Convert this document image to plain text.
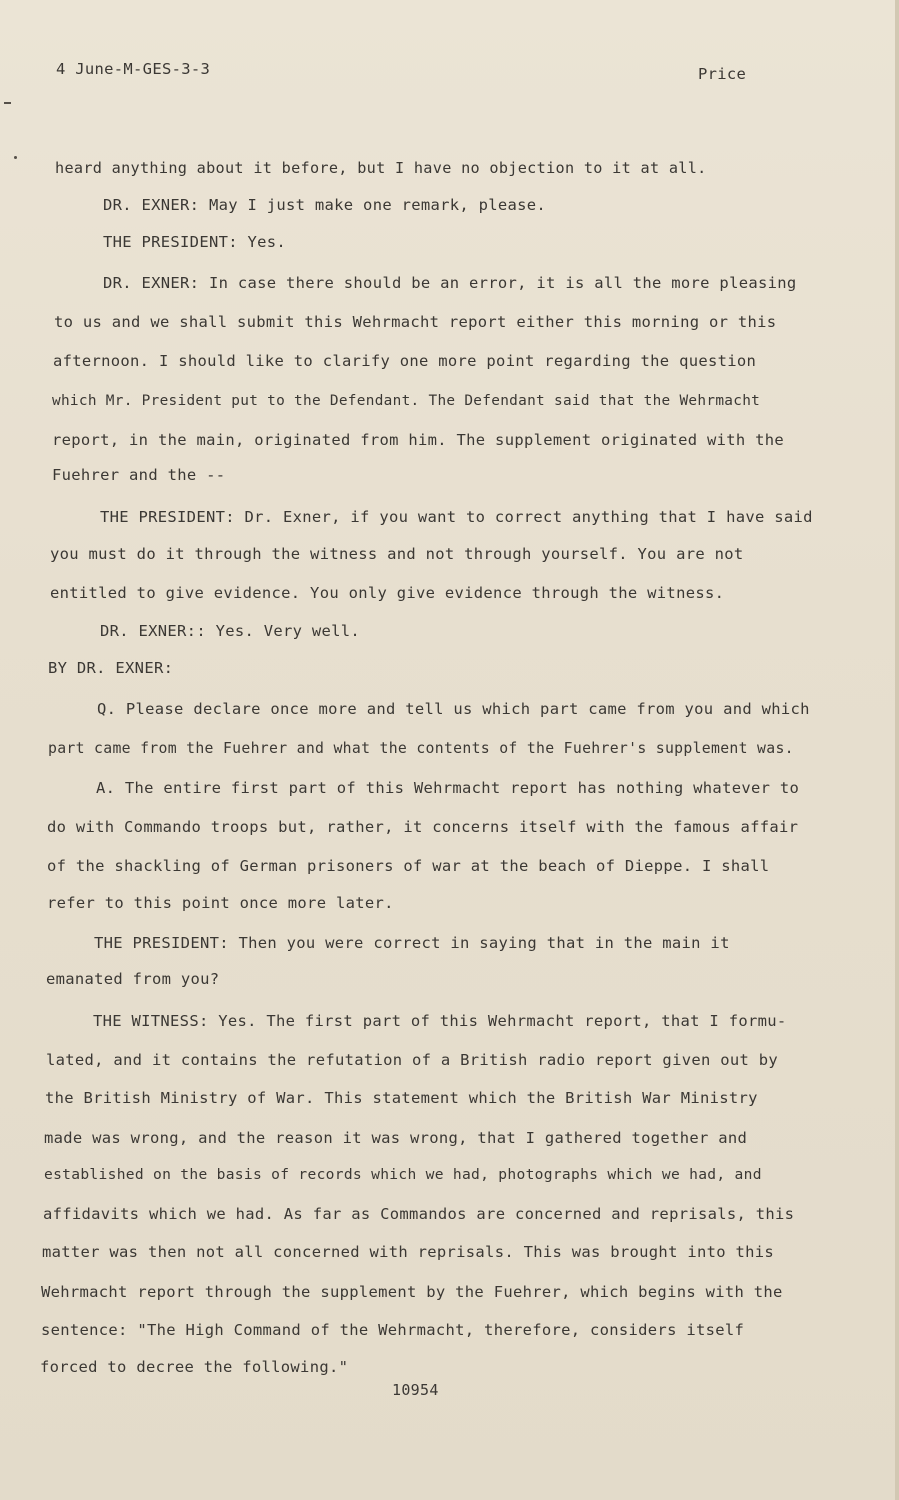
4 June-M-GES-3-3	Price
heard anything about it before, but I have no objection to it at all.
DR. EXNER: May I just make one remark, please.
THE PRESIDENT: Yes.
DR. EXNER: In case there should be an error, it is all the more pleasing
to us and we shall submit this Wehrmacht report either this morning or this
afternoon. I should like to clarify one more point regarding the question
which Mr. President put to the Defendant. The Defendant said that the Wehrmacht
report, in the main, originated from him. The supplement originated with the
Fuehrer and the --
THE PRESIDENT: Dr. Exner, if you want to correct anything that I have said
you must do it through the witness and not through yourself. You are not
entitled to give evidence. You only give evidence through the witness.
DR. EXNER:: Yes. Very well.
BY DR. EXNER:
Q. Please declare once more and tell us which part came from you and which
part came from the Fuehrer and what the contents of the Fuehrer's supplement was.
A. The entire first part of this Wehrmacht report has nothing whatever to
do with Commando troops but, rather, it concerns itself with the famous affair
of the shackling of German prisoners of war at the beach of Dieppe. I shall
refer to this point once more later.
THE PRESIDENT: Then you were correct in saying that in the main it
emanated from you?
THE WITNESS: Yes. The first part of this Wehrmacht report, that I formu-
lated, and it contains the refutation of a British radio report given out by
the British Ministry of War. This statement which the British War Ministry
made was wrong, and the reason it was wrong, that I gathered together and
established on the basis of records which we had, photographs which we had, and
affidavits which we had. As far as Commandos are concerned and reprisals, this
matter was then not all concerned with reprisals. This was brought into this
Wehrmacht report through the supplement by the Fuehrer, which begins with the
sentence: "The High Command of the Wehrmacht, therefore, considers itself
forced to decree the following."
10954
